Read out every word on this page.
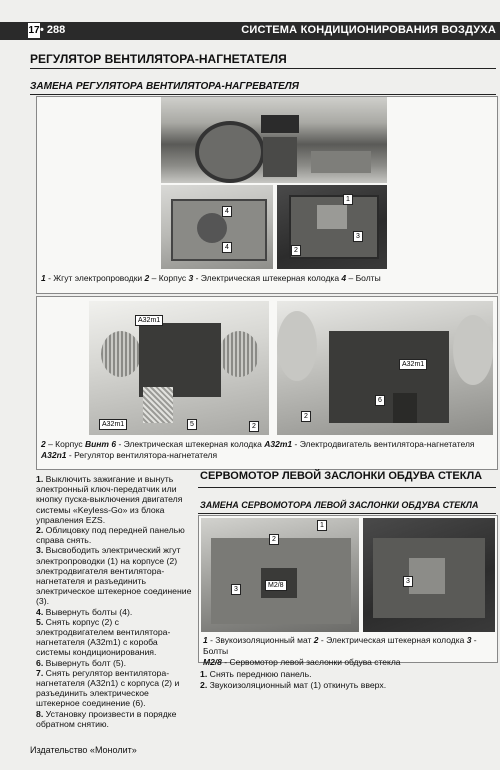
17 • 288	СИСТЕМА КОНДИЦИОНИРОВАНИЯ ВОЗДУХА
РЕГУЛЯТОР ВЕНТИЛЯТОРА-НАГНЕТАТЕЛЯ
ЗАМЕНА РЕГУЛЯТОРА ВЕНТИЛЯТОРА-НАГРЕВАТЕЛЯ
4
4
1
3
2
1 - Жгут электропроводки 2 – Корпус 3 - Электрическая штекерная колодка 4 – Болты
A32m1
A32m1	5	2
A32m1
6
2
2 – Корпус Винт 6 - Электрическая штекерная колодка A32m1 - Электродвигатель вентилятора-нагнетателя
A32n1 - Регулятор вентилятора-нагнетателя
1. Выключить зажигание и вынуть электронный ключ-передатчик или кнопку пуска-выключения двигателя системы «Keyless-Go» из блока управления EZS.
2. Облицовку под передней панелью справа снять.
3. Высвободить электрический жгут электропроводки (1) на корпусе (2) электродвигателя вентилятора-нагнетателя и разъединить электрическое штекерное соединение (3).
4. Вывернуть болты (4).
5. Снять корпус (2) с электродвигателем вентилятора-нагнетателя (A32m1) с короба системы кондиционирования.
6. Вывернуть болт (5).
7. Снять регулятор вентилятора-нагнетателя (A32n1) с корпуса (2) и разъединить электрическое штекерное соединение (6).
8. Установку произвести в порядке обратном снятию.
СЕРВОМОТОР ЛЕВОЙ ЗАСЛОНКИ ОБДУВА СТЕКЛА
ЗАМЕНА СЕРВОМОТОРА ЛЕВОЙ ЗАСЛОНКИ ОБДУВА СТЕКЛА
1
2
3
M2/8
3
1 - Звукоизоляционный мат 2 - Электрическая штекерная колодка 3 - Болты
M2/8 - Сервомотор левой заслонки обдува стекла
1. Снять переднюю панель.
2. Звукоизоляционный мат (1) откинуть вверх.
Издательство «Монолит»
